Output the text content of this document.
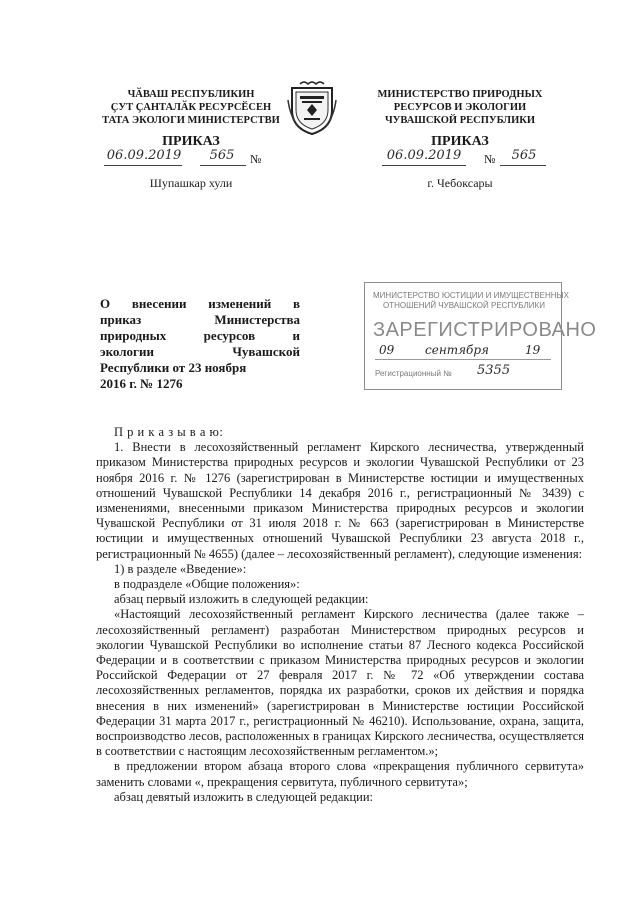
ЧӐВАШ РЕСПУБЛИКИН
ҪУТ ҪАНТАЛӐК РЕСУРСӖСЕН
ТАТА ЭКОЛОГИ МИНИСТЕРСТВИ
ПРИКАЗ
06.09.2019	565	№
Шупашкар хули
МИНИСТЕРСТВО ПРИРОДНЫХ
РЕСУРСОВ И ЭКОЛОГИИ
ЧУВАШСКОЙ РЕСПУБЛИКИ
ПРИКАЗ
06.09.2019 №	565
г. Чебоксары
О внесении изменений в
приказ	Министерства
природных	ресурсов	и
экологии	Чувашской
Республики от 23 ноября
2016 г. № 1276
МИНИСТЕРСТВО ЮСТИЦИИ И ИМУЩЕСТВЕННЫХ
ОТНОШЕНИЙ ЧУВАШСКОЙ РЕСПУБЛИКИ
ЗАРЕГИСТРИРОВАНО
09	сентября	19
Регистрационный № 5355

П р и к а з ы в а ю:

1. Внести в лесохозяйственный регламент Кирского лесничества, утвержденный приказом Министерства природных ресурсов и экологии Чувашской Республики от 23 ноября 2016 г. № 1276 (зарегистрирован в Министерстве юстиции и имущественных отношений Чувашской Республики 14 декабря 2016 г., регистрационный № 3439) с изменениями, внесенными приказом Министерства природных ресурсов и экологии Чувашской Республики от 31 июля 2018 г. № 663 (зарегистрирован в Министерстве юстиции и имущественных отношений Чувашской Республики 23 августа 2018 г., регистрационный № 4655) (далее – лесохозяйственный регламент), следующие изменения:

1) в разделе «Введение»:

в подразделе «Общие положения»:

абзац первый изложить в следующей редакции:

«Настоящий лесохозяйственный регламент Кирского лесничества (далее также – лесохозяйственный регламент) разработан Министерством природных ресурсов и экологии Чувашской Республики во исполнение статьи 87 Лесного кодекса Российской Федерации и в соответствии с приказом Министерства природных ресурсов и экологии Российской Федерации от 27 февраля 2017 г. № 72 «Об утверждении состава лесохозяйственных регламентов, порядка их разработки, сроков их действия и порядка внесения в них изменений» (зарегистрирован в Министерстве юстиции Российской Федерации 31 марта 2017 г., регистрационный № 46210). Использование, охрана, защита, воспроизводство лесов, расположенных в границах Кирского лесничества, осуществляется в соответствии с настоящим лесохозяйственным регламентом.»;

в предложении втором абзаца второго слова «прекращения публичного сервитута» заменить словами «, прекращения сервитута, публичного сервитута»;

абзац девятый изложить в следующей редакции:
